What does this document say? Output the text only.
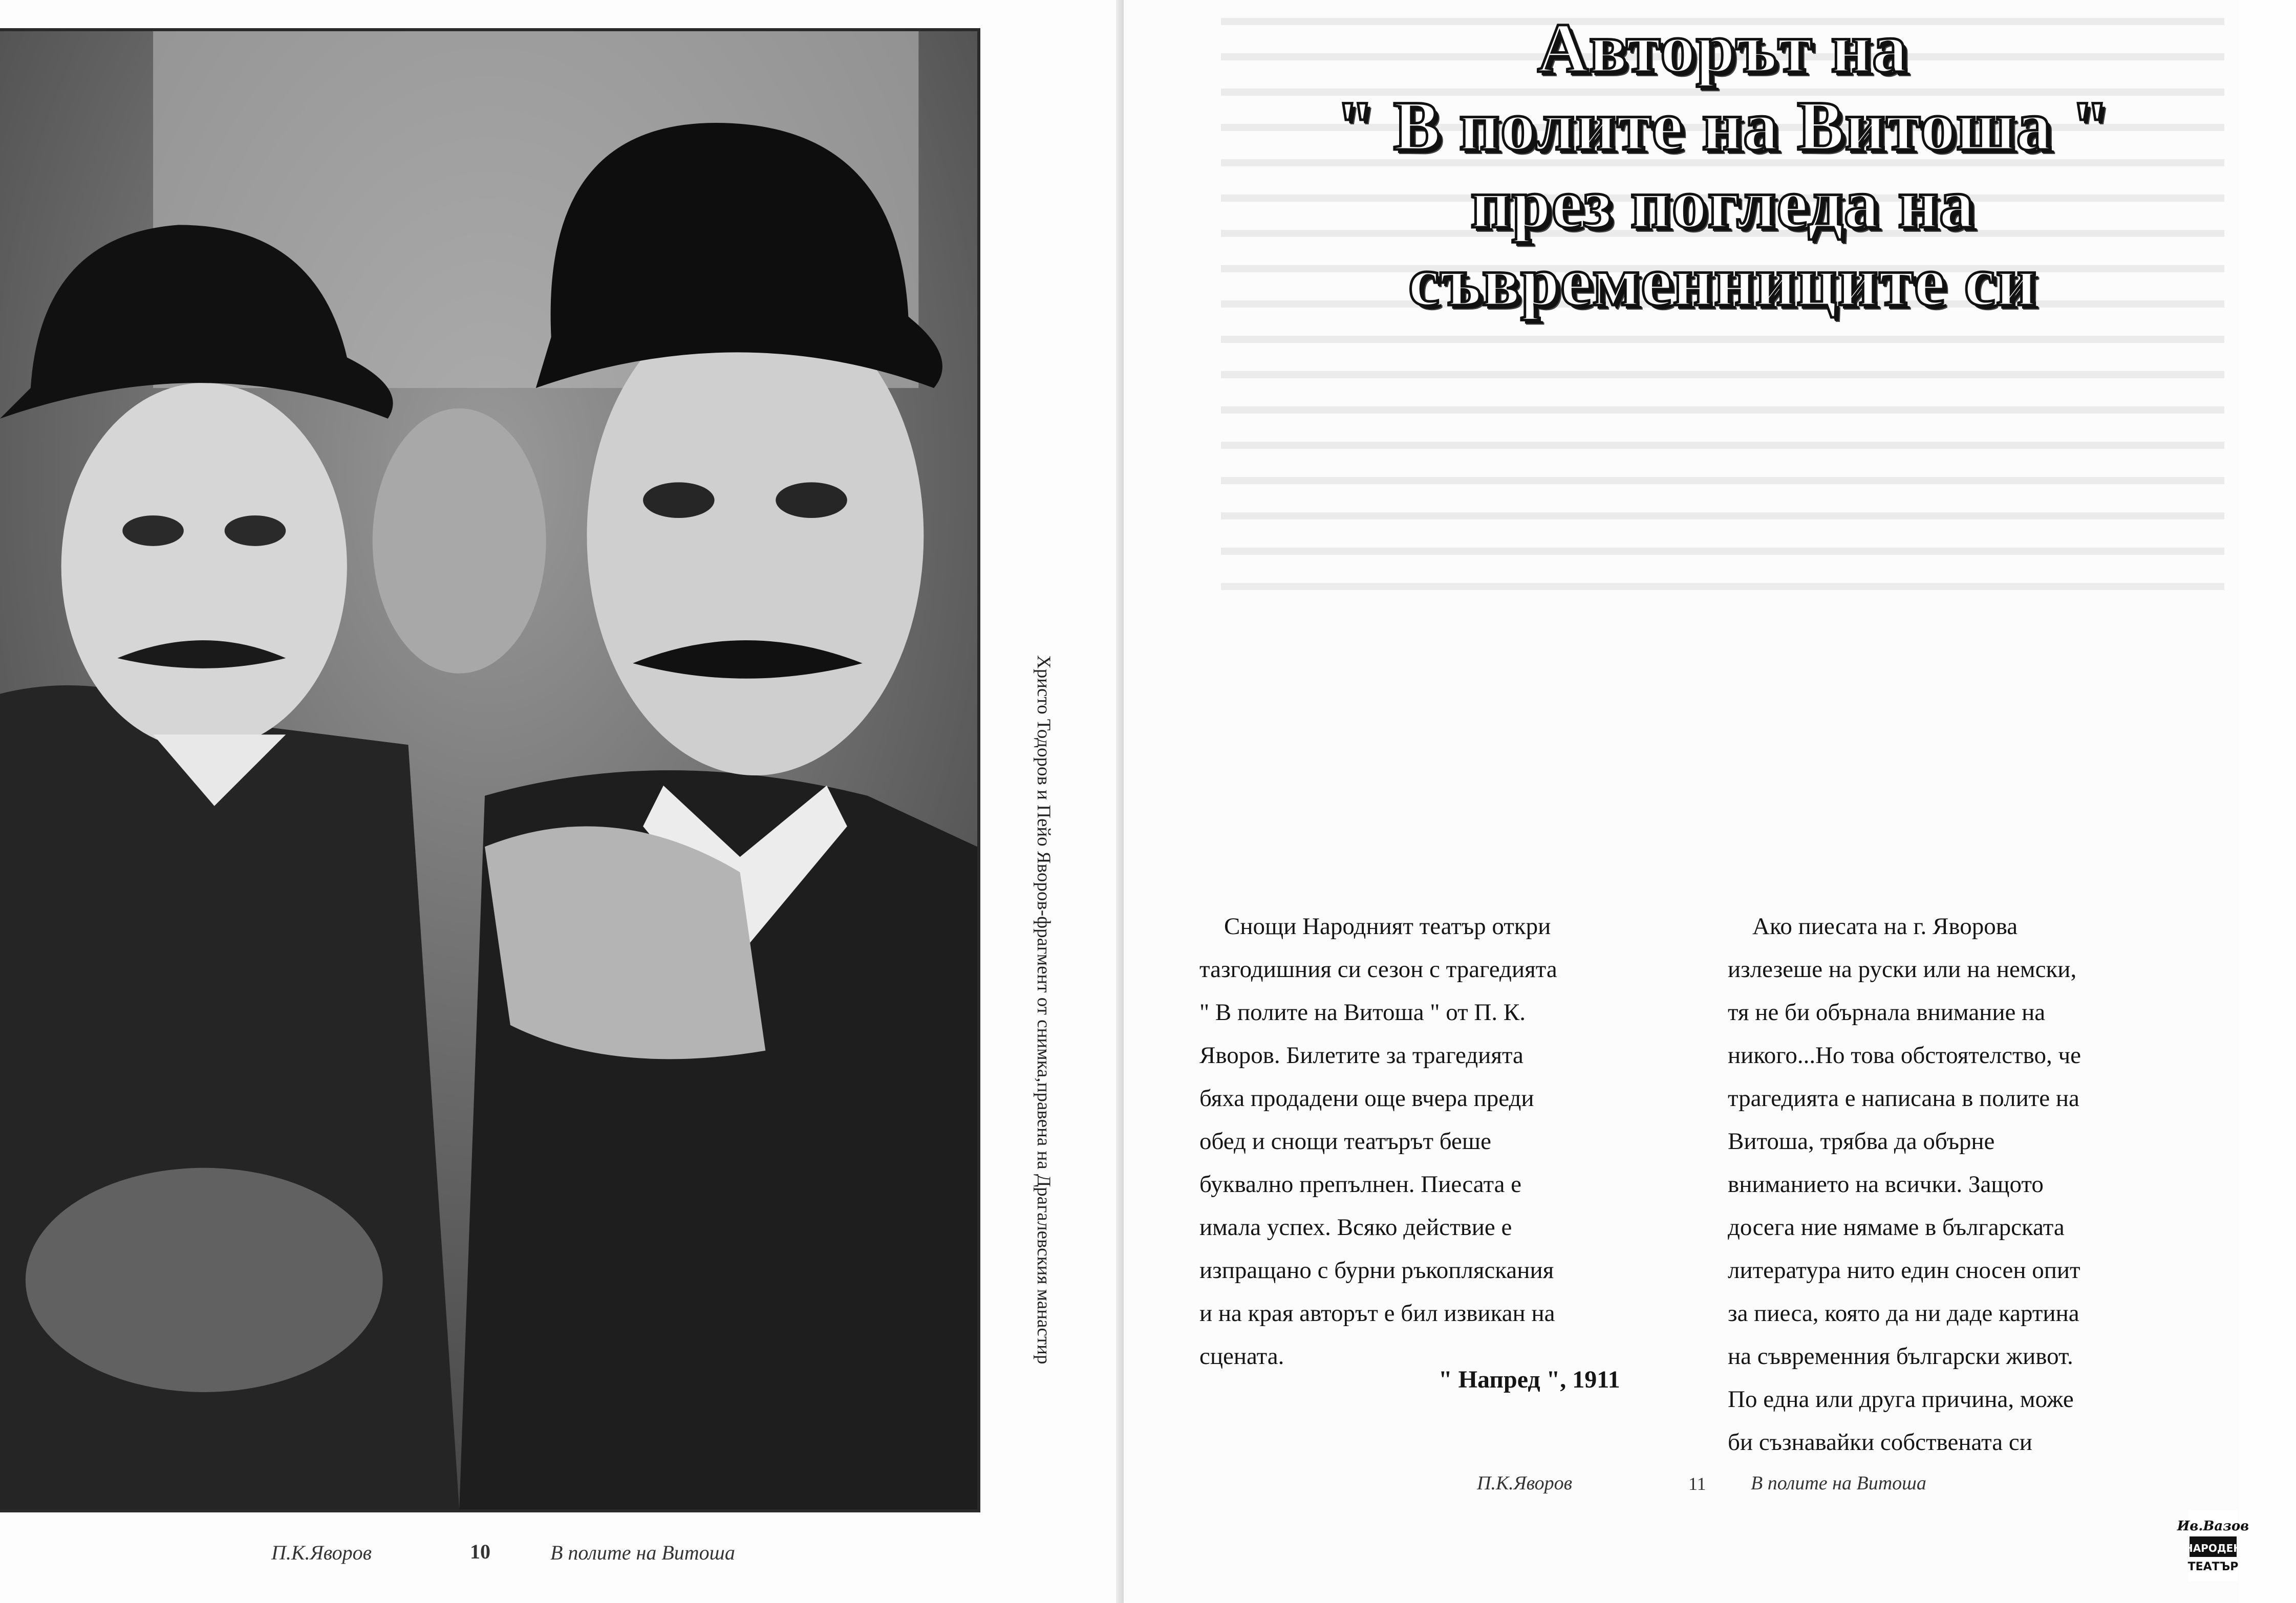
Христо Тодоров и Пейо Яворов-фрагмент от снимка,правена на Драгалевския манастир
П.К.Яворов	10	В полите на Витоша
Авторът на
" В полите на Витоша "
през погледа на
съвременниците си

Снощи Народният театър откри

тазгодишния си сезон с трагедията

" В полите на Витоша " от П. К.

Яворов. Билетите за трагедията

бяха продадени още вчера преди

обед и снощи театърът беше

буквално препълнен. Пиесата е

имала успех. Всяко действие е

изпращано с бурни ръкопляскания

и на края авторът е бил извикан на

сцената.

" Напред ", 1911

Ако пиесата на г. Яворова

излезеше на руски или на немски,

тя не би обърнала внимание на

никого...Но това обстоятелство, че

трагедията е написана в полите на

Витоша, трябва да обърне

вниманието на всички. Защото

досега ние нямаме в българската

литература нито един сносен опит

за пиеса, която да ни даде картина

на съвременния български живот.

По една или друга причина, може

би съзнавайки собствената си

П.К.Яворов	11 В полите на Витоша
Ив.Вазов
НАРОДЕН
ТЕАТЪР
